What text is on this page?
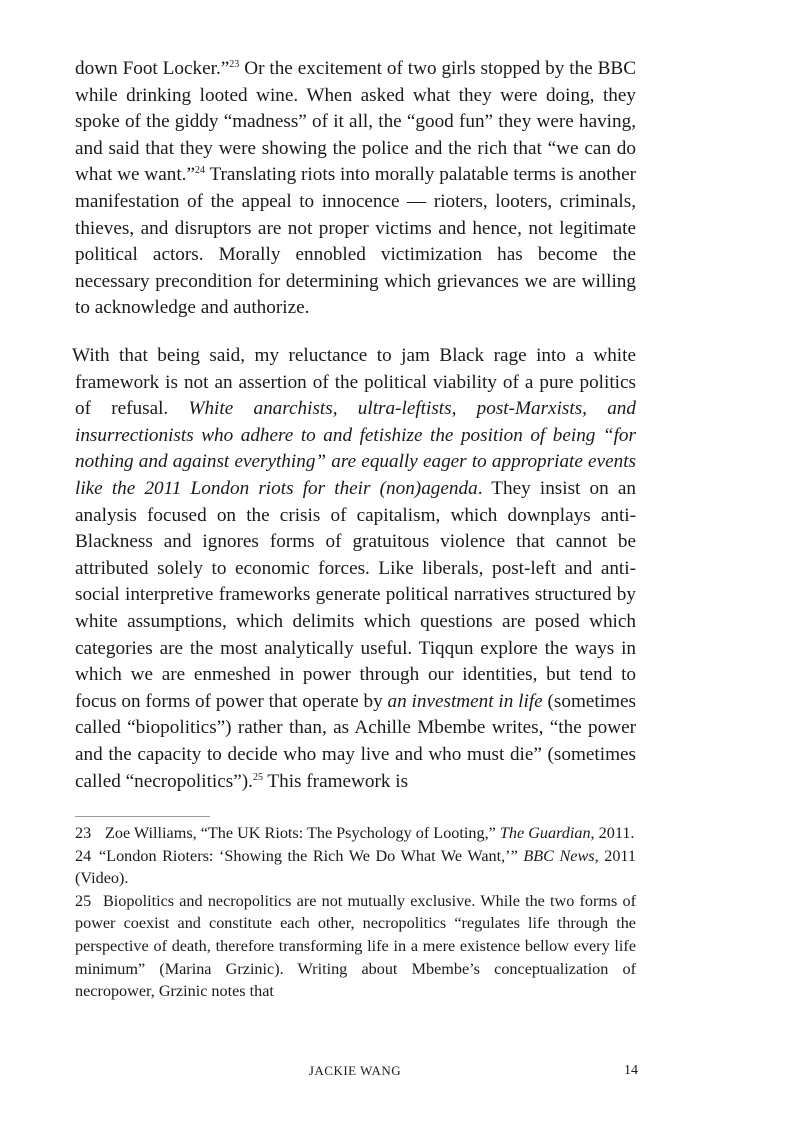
down Foot Locker.”$^{23}$ Or the excitement of two girls stopped by the BBC while drinking looted wine. When asked what they were doing, they spoke of the giddy “madness” of it all, the “good fun” they were having, and said that they were showing the police and the rich that “we can do what we want.”$^{24}$ Translating riots into morally palatable terms is another manifestation of the appeal to innocence — rioters, looters, criminals, thieves, and disruptors are not proper victims and hence, not legitimate political actors. Morally ennobled victimization has become the necessary precondition for determining which grievances we are willing to acknowledge and authorize.

With that being said, my reluctance to jam Black rage into a white framework is not an assertion of the political viability of a pure politics of refusal. White anarchists, ultra-leftists, post-Marxists, and insurrectionists who adhere to and fetishize the position of being “for nothing and against everything” are equally eager to appropriate events like the 2011 London riots for their (non)agenda. They insist on an analysis focused on the crisis of capitalism, which downplays anti-Blackness and ignores forms of gratuitous violence that cannot be attributed solely to economic forces. Like liberals, post-left and anti-social interpretive frameworks generate political narratives structured by white assumptions, which delimits which questions are posed which categories are the most analytically useful. Tiqqun explore the ways in which we are enmeshed in power through our identities, but tend to focus on forms of power that operate by an investment in life (sometimes called “biopolitics”) rather than, as Achille Mbembe writes, “the power and the capacity to decide who may live and who must die” (sometimes called “necropolitics”).$^{25}$ This framework is

23 Zoe Williams, “The UK Riots: The Psychology of Looting,” The Guardian, 2011.

24 “London Rioters: ‘Showing the Rich We Do What We Want,’” BBC News, 2011 (Video).

25 Biopolitics and necropolitics are not mutually exclusive. While the two forms of power coexist and constitute each other, necropolitics “regulates life through the perspective of death, therefore transforming life in a mere existence bellow every life minimum” (Marina Grzinic). Writing about Mbembe’s conceptualization of necropower, Grzinic notes that

JACKIE WANG	14
